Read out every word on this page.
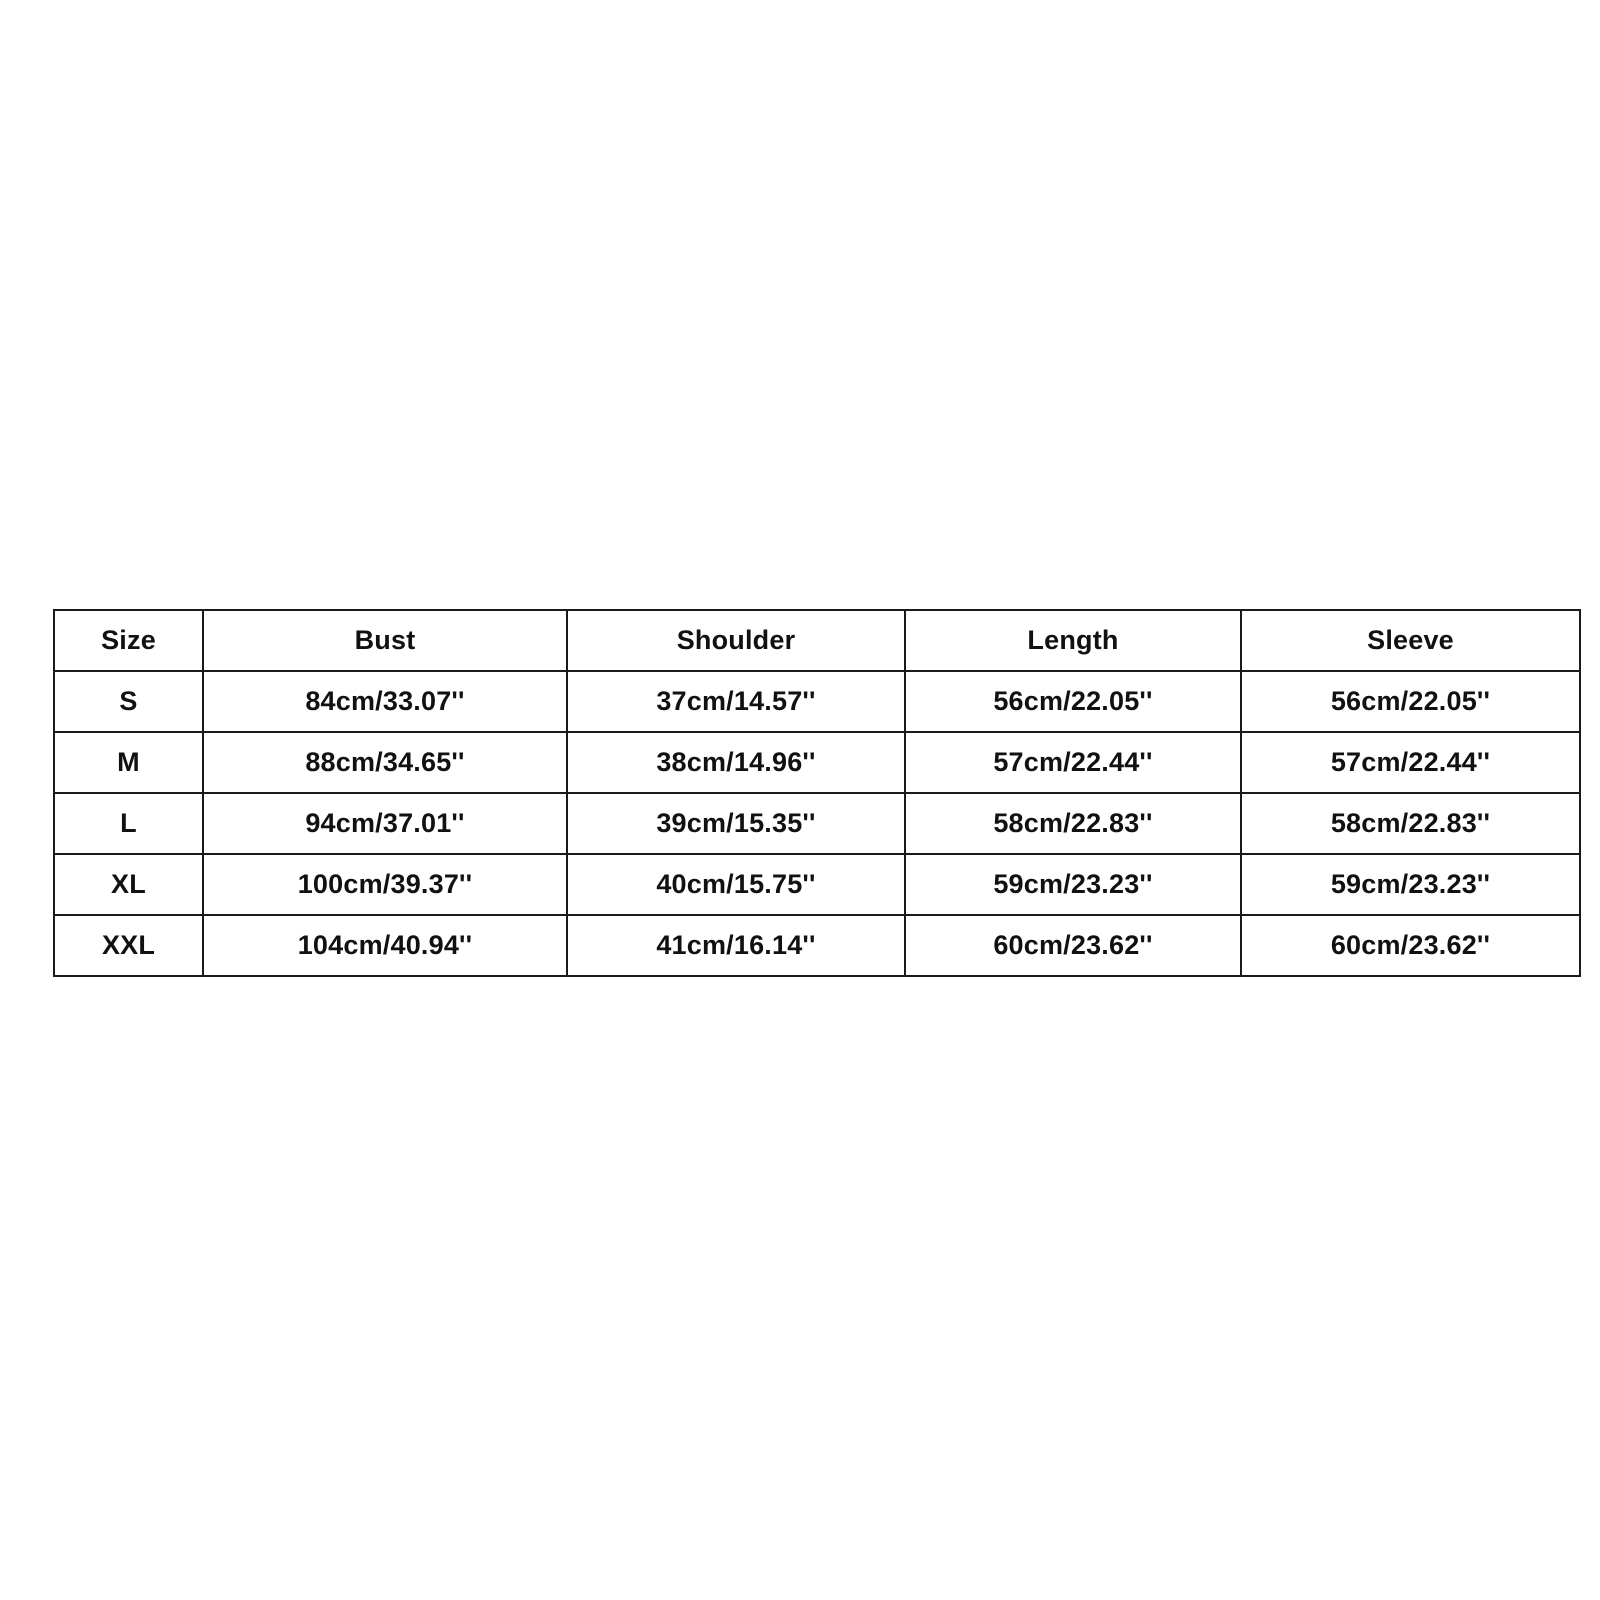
Size	Bust	Shoulder	Length	Sleeve
S	84cm/33.07''	37cm/14.57''	56cm/22.05''	56cm/22.05''
M	88cm/34.65''	38cm/14.96''	57cm/22.44''	57cm/22.44''
L	94cm/37.01''	39cm/15.35''	58cm/22.83''	58cm/22.83''
XL	100cm/39.37''	40cm/15.75''	59cm/23.23''	59cm/23.23''
XXL	104cm/40.94''	41cm/16.14''	60cm/23.62''	60cm/23.62''
